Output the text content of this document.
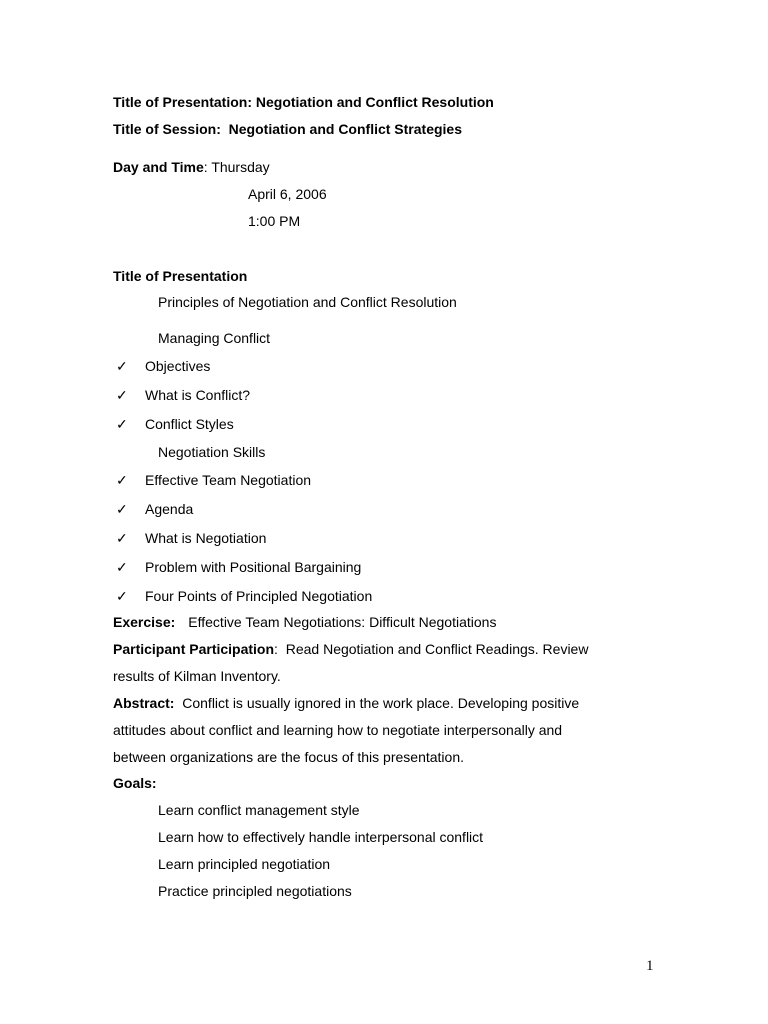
Title of Presentation: Negotiation and Conflict Resolution
Title of Session: Negotiation and Conflict Strategies
Day and Time: Thursday
April 6, 2006
1:00 PM
Title of Presentation
Principles of Negotiation and Conflict Resolution
Managing Conflict
✓	Objectives
✓	What is Conflict?
✓	Conflict Styles
Negotiation Skills
✓	Effective Team Negotiation
✓	Agenda
✓	What is Negotiation
✓	Problem with Positional Bargaining
✓	Four Points of Principled Negotiation
Exercise: Effective Team Negotiations: Difficult Negotiations
Participant Participation:  Read Negotiation and Conflict Readings. Review
results of Kilman Inventory.
Abstract: Conflict is usually ignored in the work place. Developing positive
attitudes about conflict and learning how to negotiate interpersonally and
between organizations are the focus of this presentation.
Goals:
Learn conflict management style
Learn how to effectively handle interpersonal conflict
Learn principled negotiation
Practice principled negotiations
1
